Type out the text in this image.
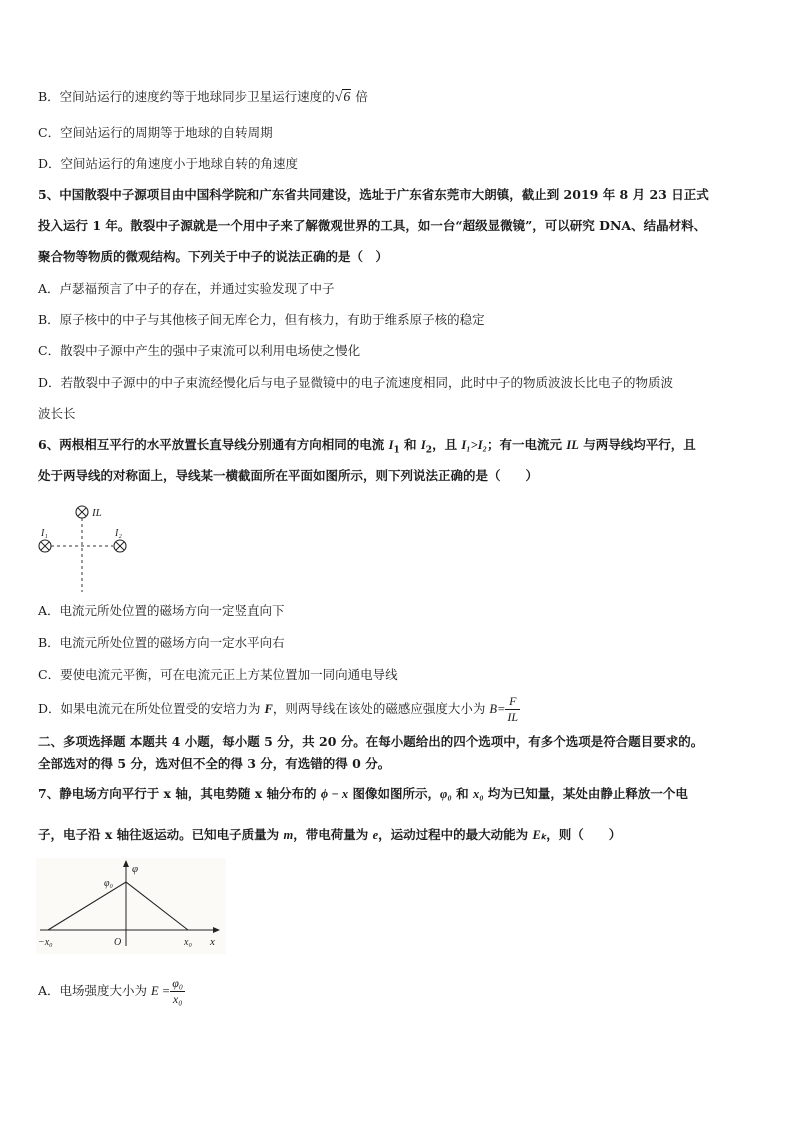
B．空间站运行的速度约等于地球同步卫星运行速度的√6 倍
C．空间站运行的周期等于地球的自转周期
D．空间站运行的角速度小于地球自转的角速度
5、中国散裂中子源项目由中国科学院和广东省共同建设，选址于广东省东莞市大朗镇，截止到 2019 年 8 月 23 日正式
投入运行 1 年。散裂中子源就是一个用中子来了解微观世界的工具，如一台“超级显微镜”，可以研究 DNA、结晶材料、
聚合物等物质的微观结构。下列关于中子的说法正确的是（　）
A．卢瑟福预言了中子的存在，并通过实验发现了中子
B．原子核中的中子与其他核子间无库仑力，但有核力，有助于维系原子核的稳定
C．散裂中子源中产生的强中子束流可以利用电场使之慢化
D．若散裂中子源中的中子束流经慢化后与电子显微镜中的电子流速度相同，此时中子的物质波波长比电子的物质波
波长长
6、两根相互平行的水平放置长直导线分别通有方向相同的电流 $I_1$ 和 $I_2$，且 I₁>I₂；有一电流元 IL 与两导线均平行，且
处于两导线的对称面上，导线某一横截面所在平面如图所示，则下列说法正确的是（　　）
IL
I₁	I₂
A．电流元所处位置的磁场方向一定竖直向下
B．电流元所处位置的磁场方向一定水平向右
C．要使电流元平衡，可在电流元正上方某位置加一同向通电导线
D．如果电流元在所处位置受的安培力为 F，则两导线在该处的磁感应强度大小为 $B= \frac{F}{IL}$
二、多项选择题 本题共 4 小题，每小题 5 分，共 20 分。在每小题给出的四个选项中，有多个选项是符合题目要求的。
全部选对的得 5 分，选对但不全的得 3 分，有选错的得 0 分。
7、静电场方向平行于 x 轴，其电势随 x 轴分布的 ϕ − x 图像如图所示，φ₀ 和 x₀ 均为已知量，某处由静止释放一个电
子，电子沿 x 轴往返运动。已知电子质量为 m，带电荷量为 e，运动过程中的最大动能为 Eₖ，则（　　）
φ
φ₀
−x₀	O	x₀ x
A．电场强度大小为 $E = \frac{\text{φ₀}}{\text{x₀}}$
